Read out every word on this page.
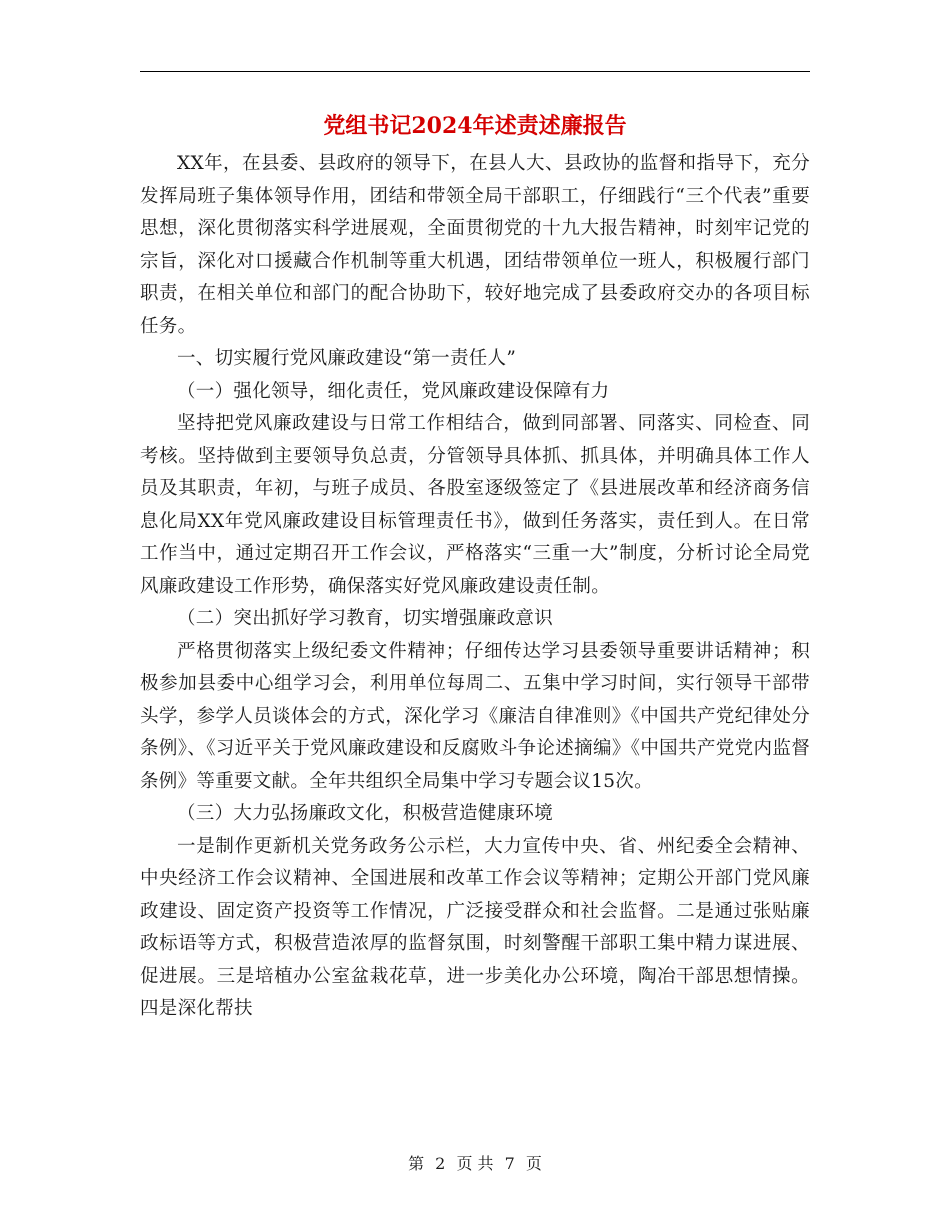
党组书记2024年述责述廉报告

XX年，在县委、县政府的领导下，在县人大、县政协的监督和指导下，充分发挥局班子集体领导作用，团结和带领全局干部职工，仔细践行“三个代表”重要思想，深化贯彻落实科学进展观，全面贯彻党的十九大报告精神，时刻牢记党的宗旨，深化对口援藏合作机制等重大机遇，团结带领单位一班人，积极履行部门职责，在相关单位和部门的配合协助下，较好地完成了县委政府交办的各项目标任务。

一、切实履行党风廉政建设“第一责任人”

（一）强化领导，细化责任，党风廉政建设保障有力

坚持把党风廉政建设与日常工作相结合，做到同部署、同落实、同检查、同考核。坚持做到主要领导负总责，分管领导具体抓、抓具体，并明确具体工作人员及其职责，年初，与班子成员、各股室逐级签定了《县进展改革和经济商务信息化局XX年党风廉政建设目标管理责任书》，做到任务落实，责任到人。在日常工作当中，通过定期召开工作会议，严格落实“三重一大”制度，分析讨论全局党风廉政建设工作形势，确保落实好党风廉政建设责任制。

（二）突出抓好学习教育，切实增强廉政意识

严格贯彻落实上级纪委文件精神；仔细传达学习县委领导重要讲话精神；积极参加县委中心组学习会，利用单位每周二、五集中学习时间，实行领导干部带头学，参学人员谈体会的方式，深化学习《廉洁自律准则》《中国共产党纪律处分条例》、《习近平关于党风廉政建设和反腐败斗争论述摘编》《中国共产党党内监督条例》等重要文献。全年共组织全局集中学习专题会议15次。

（三）大力弘扬廉政文化，积极营造健康环境

一是制作更新机关党务政务公示栏，大力宣传中央、省、州纪委全会精神、中央经济工作会议精神、全国进展和改革工作会议等精神；定期公开部门党风廉政建设、固定资产投资等工作情况，广泛接受群众和社会监督。二是通过张贴廉政标语等方式，积极营造浓厚的监督氛围，时刻警醒干部职工集中精力谋进展、促进展。三是培植办公室盆栽花草，进一步美化办公环境，陶冶干部思想情操。四是深化帮扶

第 2 页 共 7 页
